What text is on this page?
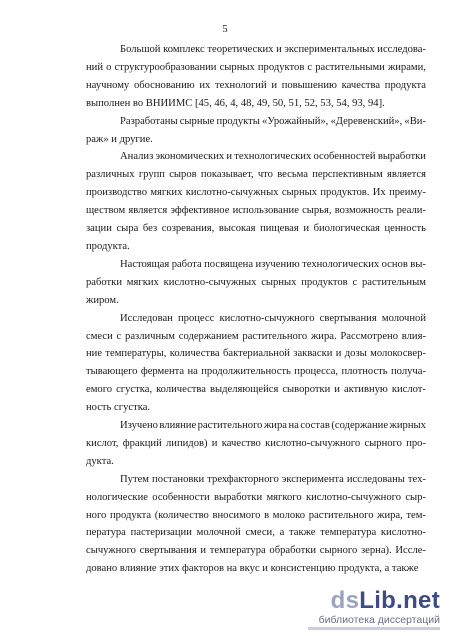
5
Большой комплекс теоретических и экспериментальных исследова-
ний о структурообразовании сырных продуктов с растительными жирами,
научному обоснованию их технологий и повышению качества продукта
выполнен во ВНИИМС [45, 46, 4, 48, 49, 50, 51, 52, 53, 54, 93, 94].
Разработаны сырные продукты «Урожайный», «Деревенский», «Ви-
раж» и другие.
Анализ экономических и технологических особенностей выработки
различных групп сыров показывает, что весьма перспективным является
производство мягких кислотно-сычужных сырных продуктов. Их преиму-
ществом является эффективное использование сырья, возможность реали-
зации сыра без созревания, высокая пищевая и биологическая ценность
продукта.
Настоящая работа посвящена изучению технологических основ вы-
работки мягких кислотно-сычужных сырных продуктов с растительным
жиром.
Исследован процесс кислотно-сычужного свертывания молочной
смеси с различным содержанием растительного жира. Рассмотрено влия-
ние температуры, количества бактериальной закваски и дозы молокосвер-
тывающего фермента на продолжительность процесса, плотность получа-
емого сгустка, количества выделяющейся сыворотки и активную кислот-
ность сгустка.
Изучено влияние растительного жира на состав (содержание жирных
кислот, фракций липидов) и качество кислотно-сычужного сырного про-
дукта.
Путем постановки трехфакторного эксперимента исследованы тех-
нологические особенности выработки мягкого кислотно-сычужного сыр-
ного продукта (количество вносимого в молоко растительного жира, тем-
пература пастеризации молочной смеси, а также температура кислотно-
сычужного свертывания и температура обработки сырного зерна). Иссле-
довано влияние этих факторов на вкус и консистенцию продукта, а также
dsLib.net
библиотека диссертаций
